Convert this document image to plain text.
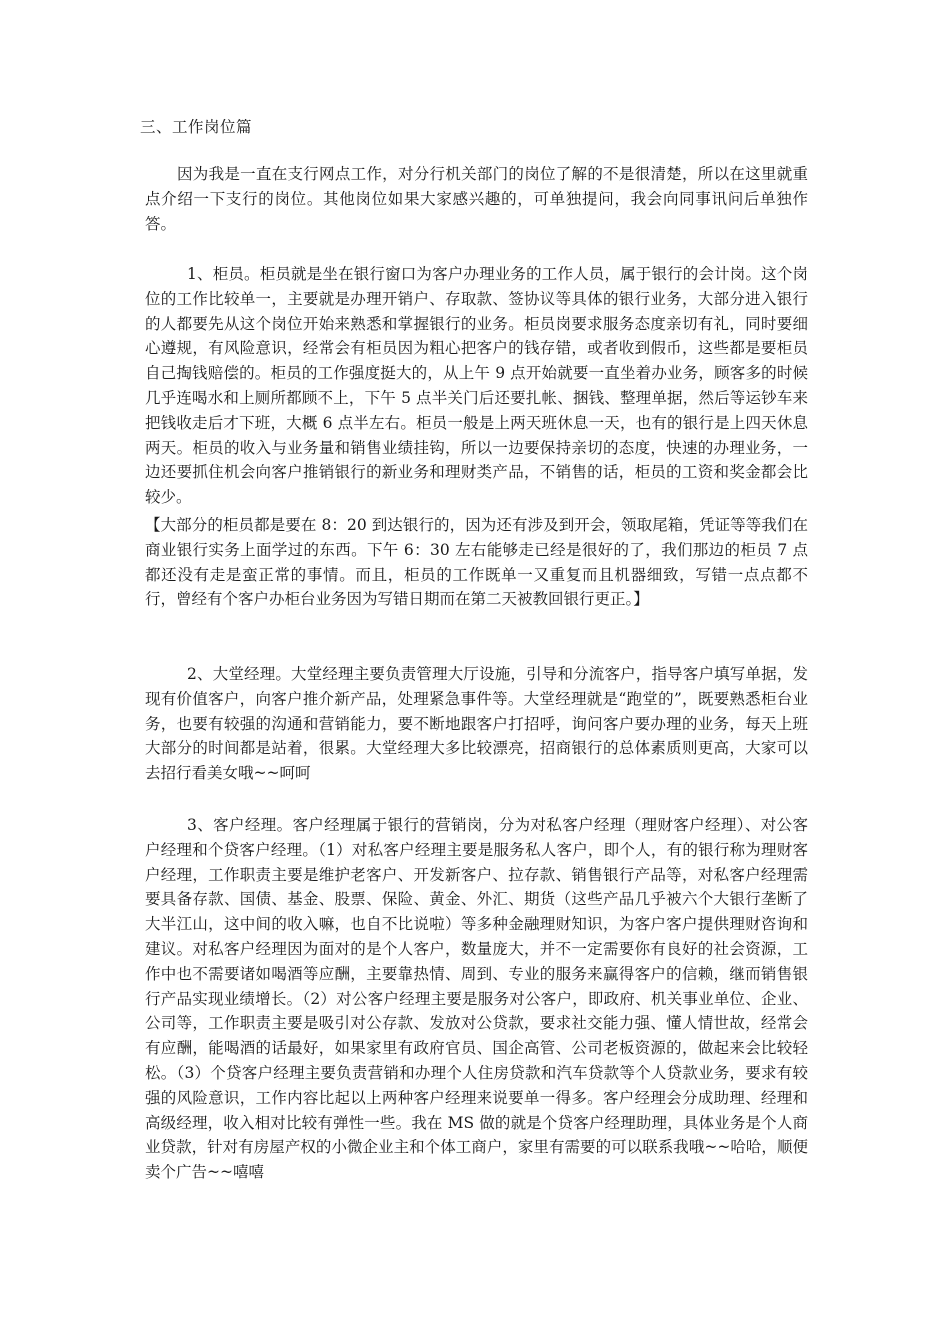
三、工作岗位篇

因为我是一直在支行网点工作，对分行机关部门的岗位了解的不是很清楚，所以在这里就重点介绍一下支行的岗位。其他岗位如果大家感兴趣的，可单独提问，我会向同事讯问后单独作答。

1、柜员。柜员就是坐在银行窗口为客户办理业务的工作人员，属于银行的会计岗。这个岗位的工作比较单一，主要就是办理开销户、存取款、签协议等具体的银行业务，大部分进入银行的人都要先从这个岗位开始来熟悉和掌握银行的业务。柜员岗要求服务态度亲切有礼，同时要细心遵规，有风险意识，经常会有柜员因为粗心把客户的钱存错，或者收到假币，这些都是要柜员自己掏钱赔偿的。柜员的工作强度挺大的，从上午 9 点开始就要一直坐着办业务，顾客多的时候几乎连喝水和上厕所都顾不上，下午 5 点半关门后还要扎帐、捆钱、整理单据，然后等运钞车来把钱收走后才下班，大概 6 点半左右。柜员一般是上两天班休息一天，也有的银行是上四天休息两天。柜员的收入与业务量和销售业绩挂钩，所以一边要保持亲切的态度，快速的办理业务，一边还要抓住机会向客户推销银行的新业务和理财类产品，不销售的话，柜员的工资和奖金都会比较少。

【大部分的柜员都是要在 8：20 到达银行的，因为还有涉及到开会，领取尾箱，凭证等等我们在商业银行实务上面学过的东西。下午 6：30 左右能够走已经是很好的了，我们那边的柜员 7 点都还没有走是蛮正常的事情。而且，柜员的工作既单一又重复而且机器细致，写错一点点都不行，曾经有个客户办柜台业务因为写错日期而在第二天被教回银行更正。】

2、大堂经理。大堂经理主要负责管理大厅设施，引导和分流客户，指导客户填写单据，发现有价值客户，向客户推介新产品，处理紧急事件等。大堂经理就是“跑堂的”，既要熟悉柜台业务，也要有较强的沟通和营销能力，要不断地跟客户打招呼，询问客户要办理的业务，每天上班大部分的时间都是站着，很累。大堂经理大多比较漂亮，招商银行的总体素质则更高，大家可以去招行看美女哦~~呵呵

3、客户经理。客户经理属于银行的营销岗，分为对私客户经理（理财客户经理）、对公客户经理和个贷客户经理。（1）对私客户经理主要是服务私人客户，即个人，有的银行称为理财客户经理，工作职责主要是维护老客户、开发新客户、拉存款、销售银行产品等，对私客户经理需要具备存款、国债、基金、股票、保险、黄金、外汇、期货（这些产品几乎被六个大银行垄断了大半江山，这中间的收入嘛，也自不比说啦）等多种金融理财知识，为客户客户提供理财咨询和建议。对私客户经理因为面对的是个人客户，数量庞大，并不一定需要你有良好的社会资源，工作中也不需要诸如喝酒等应酬，主要靠热情、周到、专业的服务来赢得客户的信赖，继而销售银行产品实现业绩增长。（2）对公客户经理主要是服务对公客户，即政府、机关事业单位、企业、公司等，工作职责主要是吸引对公存款、发放对公贷款，要求社交能力强、懂人情世故，经常会有应酬，能喝酒的话最好，如果家里有政府官员、国企高管、公司老板资源的，做起来会比较轻松。（3）个贷客户经理主要负责营销和办理个人住房贷款和汽车贷款等个人贷款业务，要求有较强的风险意识，工作内容比起以上两种客户经理来说要单一得多。客户经理会分成助理、经理和高级经理，收入相对比较有弹性一些。我在 MS 做的就是个贷客户经理助理，具体业务是个人商业贷款，针对有房屋产权的小微企业主和个体工商户，家里有需要的可以联系我哦~~哈哈，顺便卖个广告~~嘻嘻
